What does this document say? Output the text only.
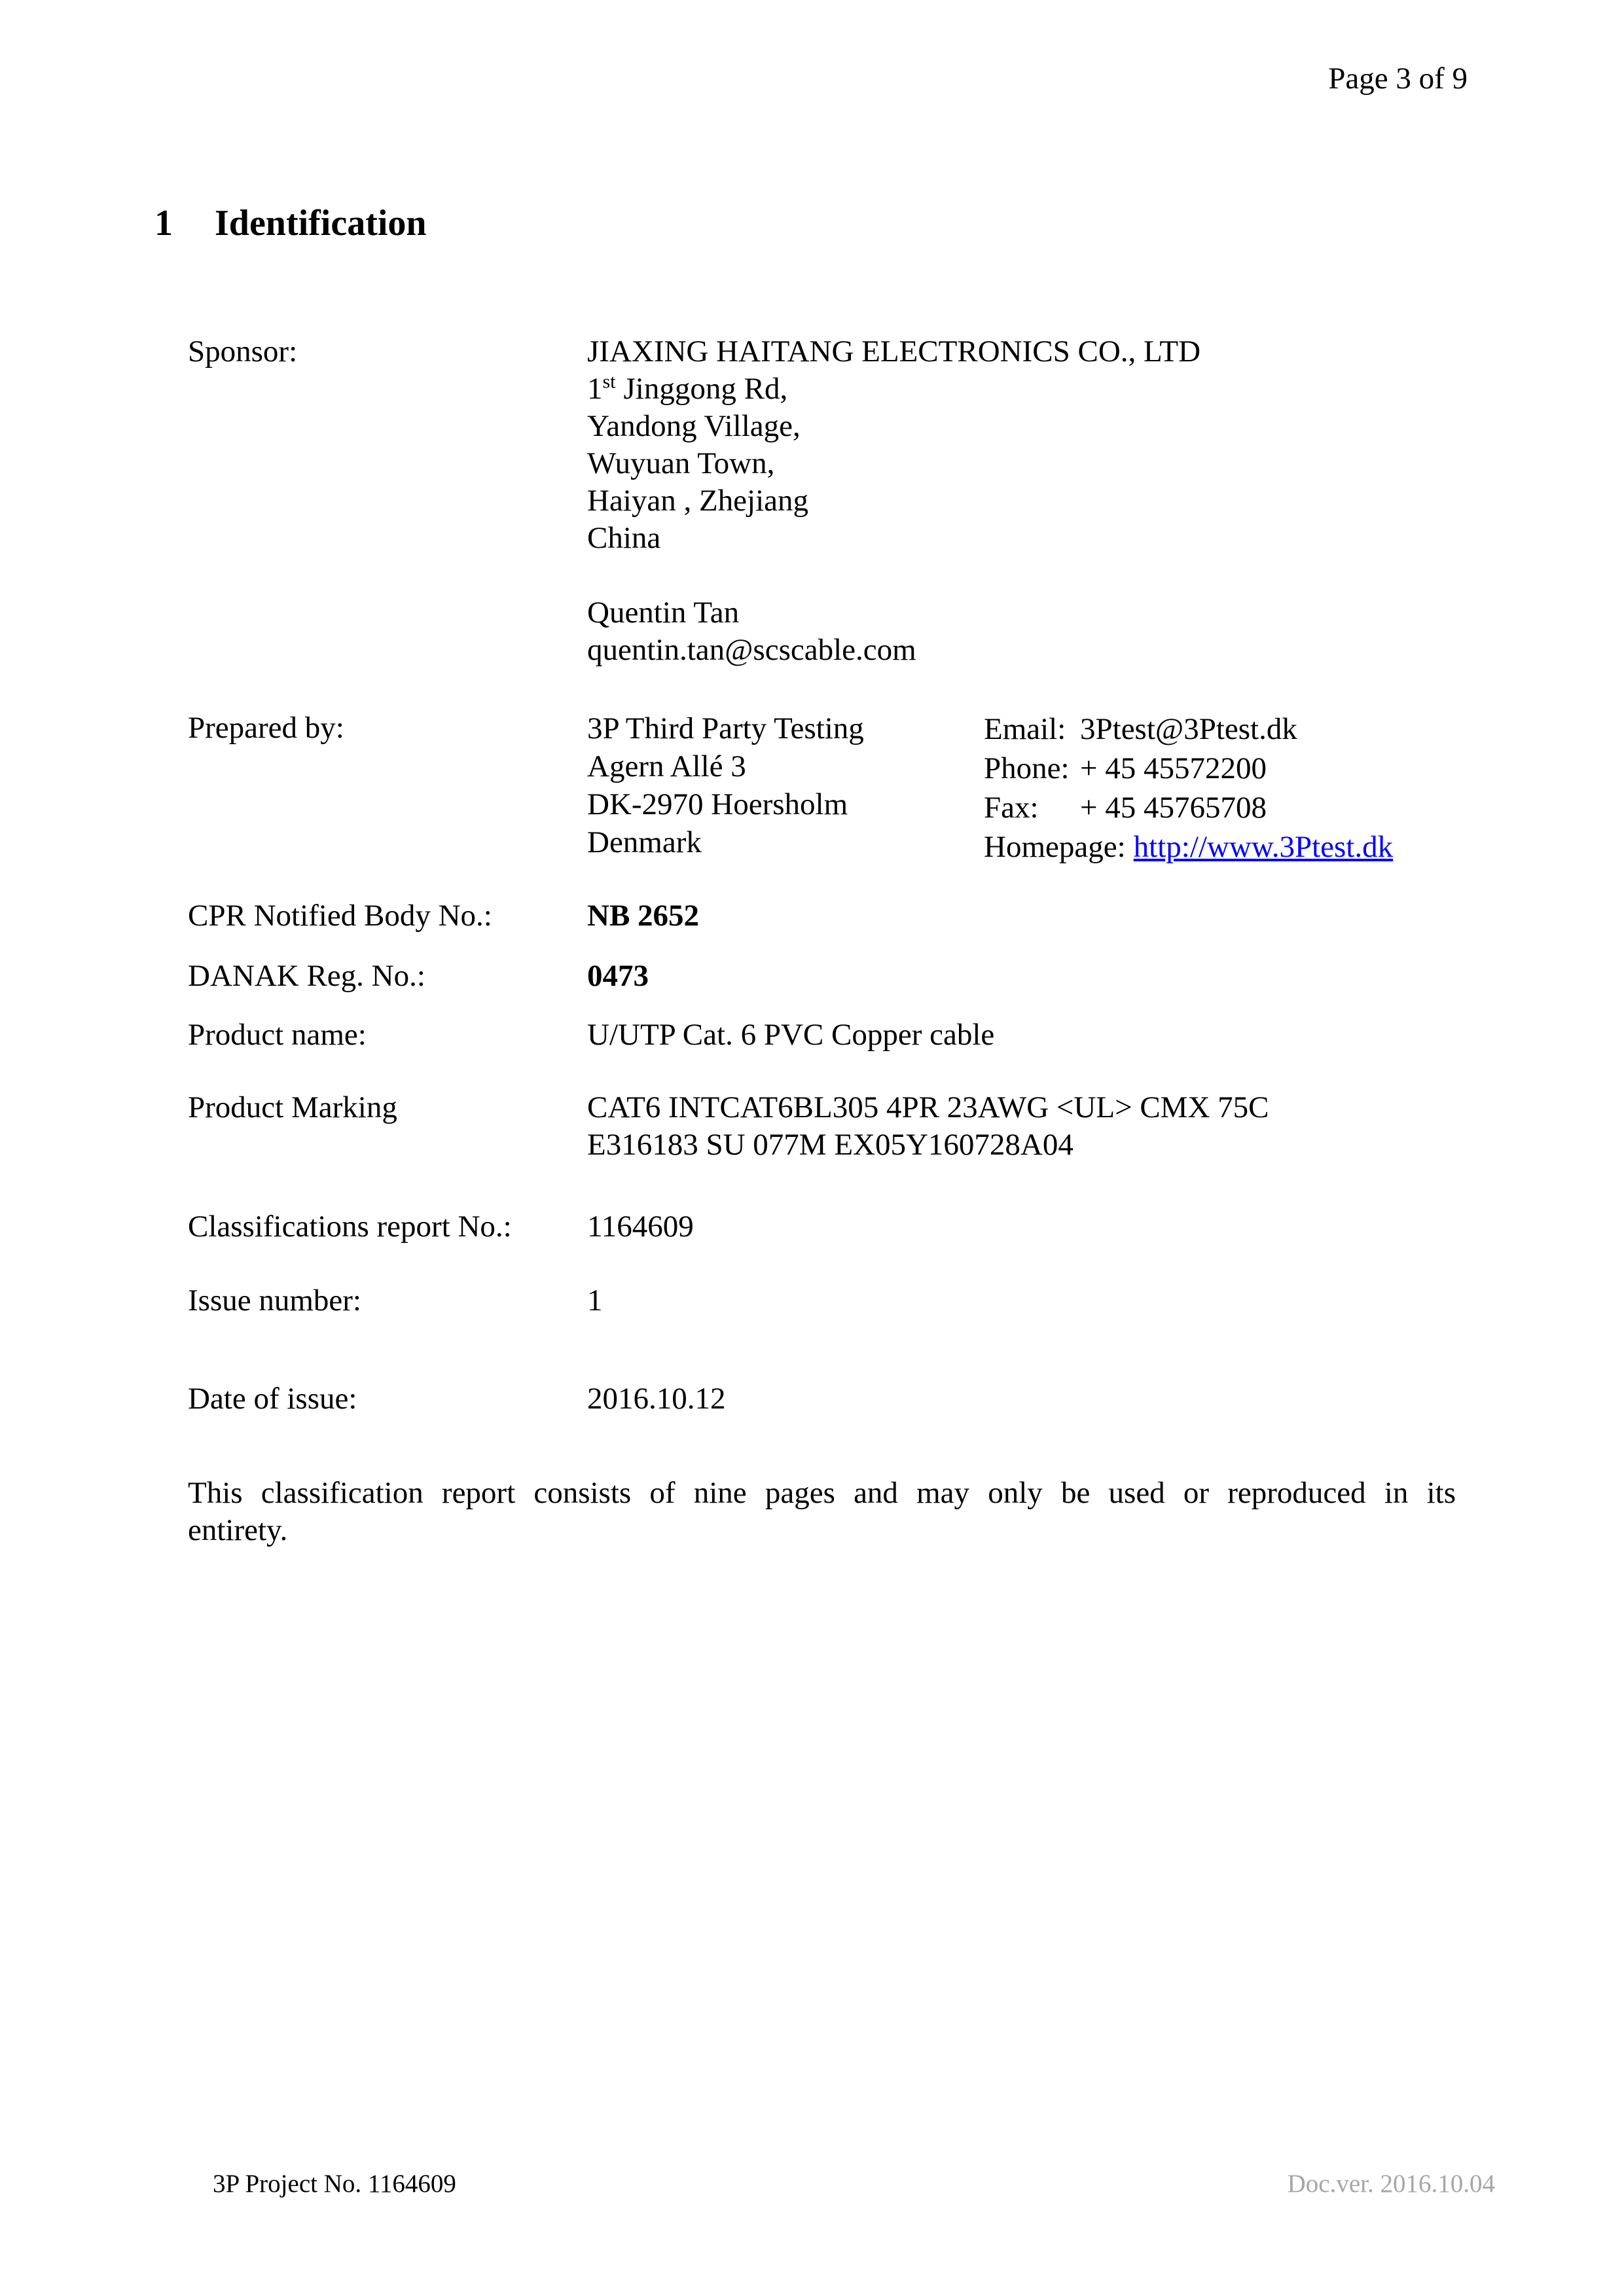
Page 3 of 9
1 Identification
Sponsor:	JIAXING HAITANG ELECTRONICS CO., LTD
1st Jinggong Rd,
Yandong Village,
Wuyuan Town,
Haiyan , Zhejiang
China
Quentin Tan
quentin.tan@scscable.com
Prepared by:	3P Third Party Testing
Agern Allé 3
DK-2970 Hoersholm
Denmark
Email: 3Ptest@3Ptest.dk
Phone: + 45 45572200
Fax: + 45 45765708
Homepage: http://www.3Ptest.dk
CPR Notified Body No.:	NB 2652
DANAK Reg. No.:	0473
Product name:	U/UTP Cat. 6 PVC Copper cable
Product Marking	CAT6 INTCAT6BL305 4PR 23AWG <UL> CMX 75C
E316183 SU 077M EX05Y160728A04
Classifications report No.:	1164609
Issue number:	1
Date of issue:	2016.10.12
This classification report consists of nine pages and may only be used or reproduced in its
entirety.
3P Project No. 1164609	Doc.ver. 2016.10.04
